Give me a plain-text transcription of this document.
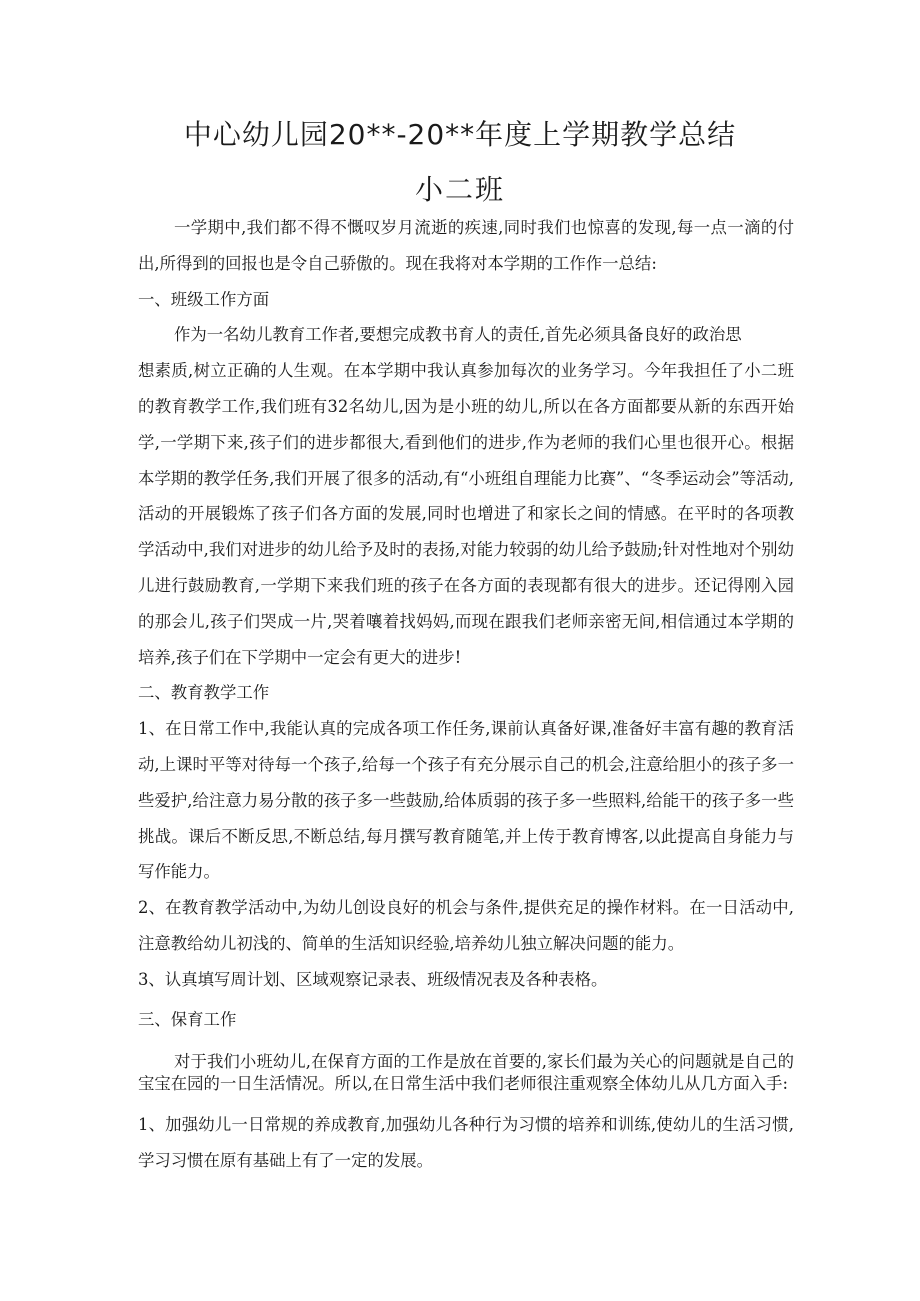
中心幼儿园20**-20**年度上学期教学总结
小二班

一学期中,我们都不得不慨叹岁月流逝的疾速,同时我们也惊喜的发现,每一点一滴的付出,所得到的回报也是令自己骄傲的。现在我将对本学期的工作作一总结:

一、班级工作方面

作为一名幼儿教育工作者,要想完成教书育人的责任,首先必须具备良好的政治思

想素质,树立正确的人生观。在本学期中我认真参加每次的业务学习。今年我担任了小二班的教育教学工作,我们班有32名幼儿,因为是小班的幼儿,所以在各方面都要从新的东西开始学,一学期下来,孩子们的进步都很大,看到他们的进步,作为老师的我们心里也很开心。根据本学期的教学任务,我们开展了很多的活动,有“小班组自理能力比赛”、“冬季运动会”等活动,活动的开展锻炼了孩子们各方面的发展,同时也增进了和家长之间的情感。在平时的各项教学活动中,我们对进步的幼儿给予及时的表扬,对能力较弱的幼儿给予鼓励;针对性地对个别幼儿进行鼓励教育,一学期下来我们班的孩子在各方面的表现都有很大的进步。还记得刚入园的那会儿,孩子们哭成一片,哭着嚷着找妈妈,而现在跟我们老师亲密无间,相信通过本学期的培养,孩子们在下学期中一定会有更大的进步!

二、教育教学工作

1、在日常工作中,我能认真的完成各项工作任务,课前认真备好课,准备好丰富有趣的教育活动,上课时平等对待每一个孩子,给每一个孩子有充分展示自己的机会,注意给胆小的孩子多一些爱护,给注意力易分散的孩子多一些鼓励,给体质弱的孩子多一些照料,给能干的孩子多一些挑战。课后不断反思,不断总结,每月撰写教育随笔,并上传于教育博客,以此提高自身能力与写作能力。

2、在教育教学活动中,为幼儿创设良好的机会与条件,提供充足的操作材料。在一日活动中,注意教给幼儿初浅的、简单的生活知识经验,培养幼儿独立解决问题的能力。

3、认真填写周计划、区域观察记录表、班级情况表及各种表格。

三、保育工作

对于我们小班幼儿,在保育方面的工作是放在首要的,家长们最为关心的问题就是自己的宝宝在园的一日生活情况。所以,在日常生活中我们老师很注重观察全体幼儿从几方面入手:

1、加强幼儿一日常规的养成教育,加强幼儿各种行为习惯的培养和训练,使幼儿的生活习惯,学习习惯在原有基础上有了一定的发展。
